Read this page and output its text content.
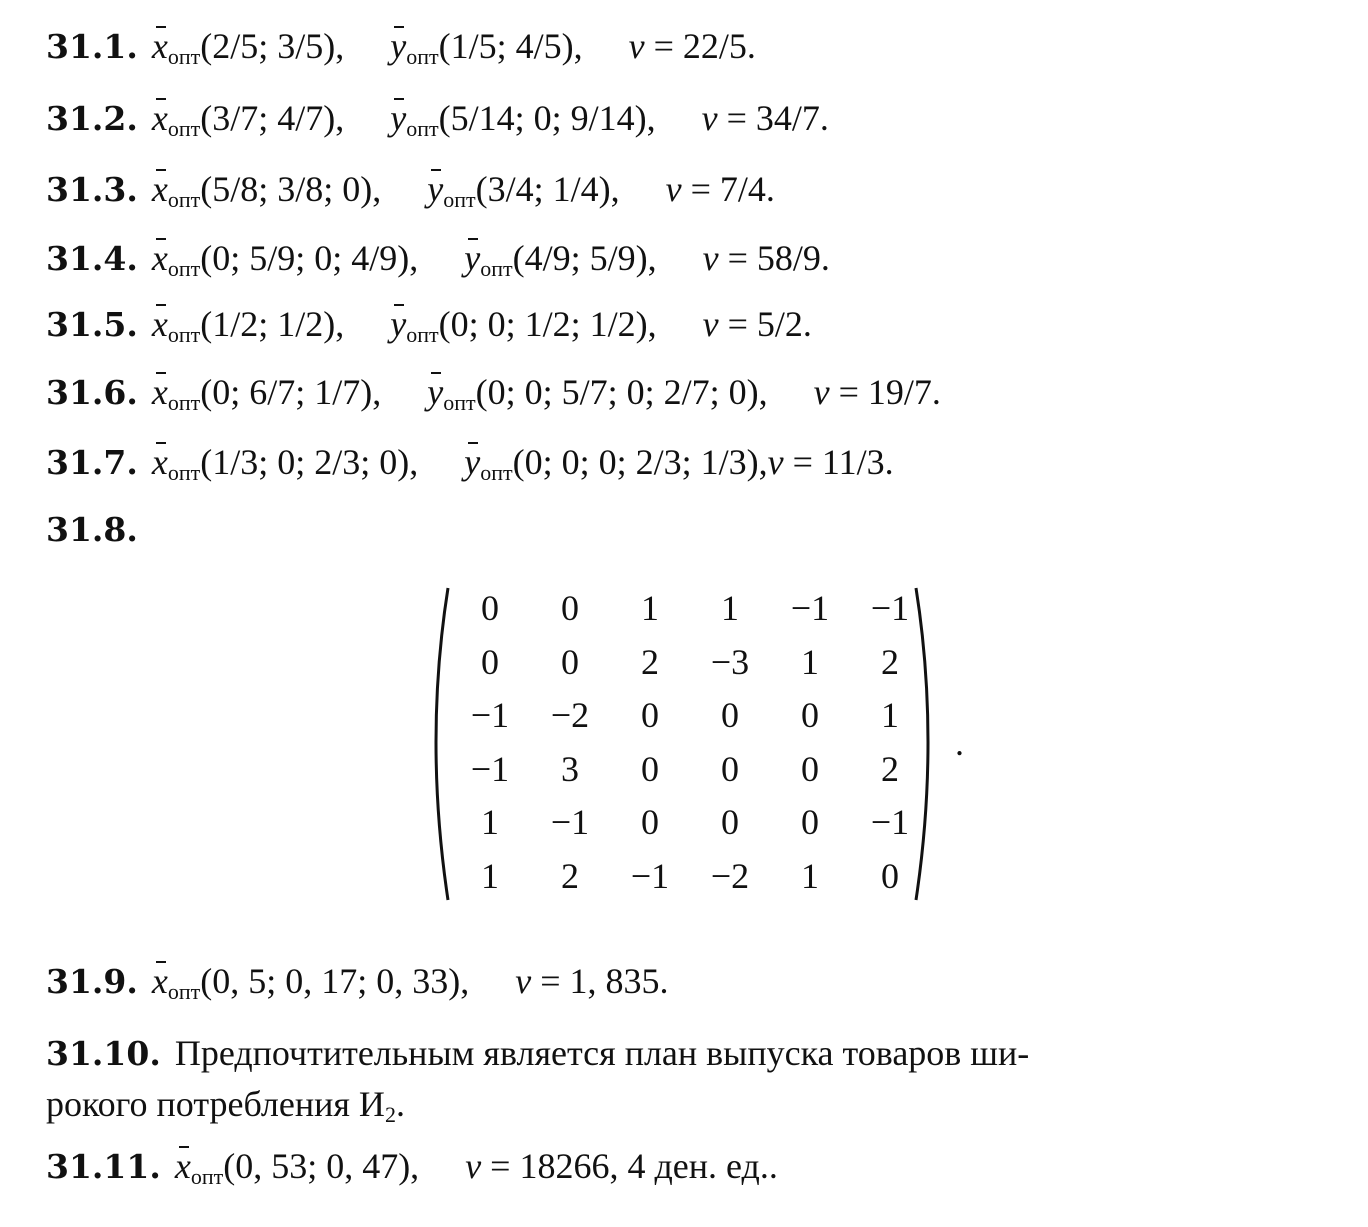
31.1. $x_{опт}(2/5$; 3/5), $y_{опт}(1/5$; 4/5), ν = 22/5.
31.2. $x_{опт}(3/7$; 4/7), $y_{опт}(5/14$; 0; 9/14), ν = 34/7.
31.3. $x_{опт}(5/8$; 3/8; 0), $y_{опт}(3/4$; 1/4), ν = 7/4.
31.4. $x_{опт}(0$; 5/9; 0; 4/9), $y_{опт}(4/9$; 5/9), ν = 58/9.
31.5. $x_{опт}(1/2$; 1/2), $y_{опт}(0$; 0; 1/2; 1/2), ν = 5/2.
31.6. $x_{опт}(0$; 6/7; 1/7), $y_{опт}(0$; 0; 5/7; 0; 2/7; 0), ν = 19/7.
31.7. $x_{опт}(1/3$; 0; 2/3; 0), $y_{опт}(0$; 0; 0; 2/3; 1/3),ν = 11/3.
31.8.
0	0	1	1	−1	−1
0	0	2	−3	1	2
−1	−2	0	0	0	1
−1	3	0	0	0	2
1	−1	0	0	0	−1
1	2	−1	−2	1	0
.
31.9. $x_{опт}(0$, 5; 0, 17; 0, 33), ν = 1, 835.
31.10. Предпочтительным является план выпуска товаров ши-
рокого потребления $И_2$.
31.11. $x_{опт}(0$, 53; 0, 47), ν = 18266, 4 ден. ед..
